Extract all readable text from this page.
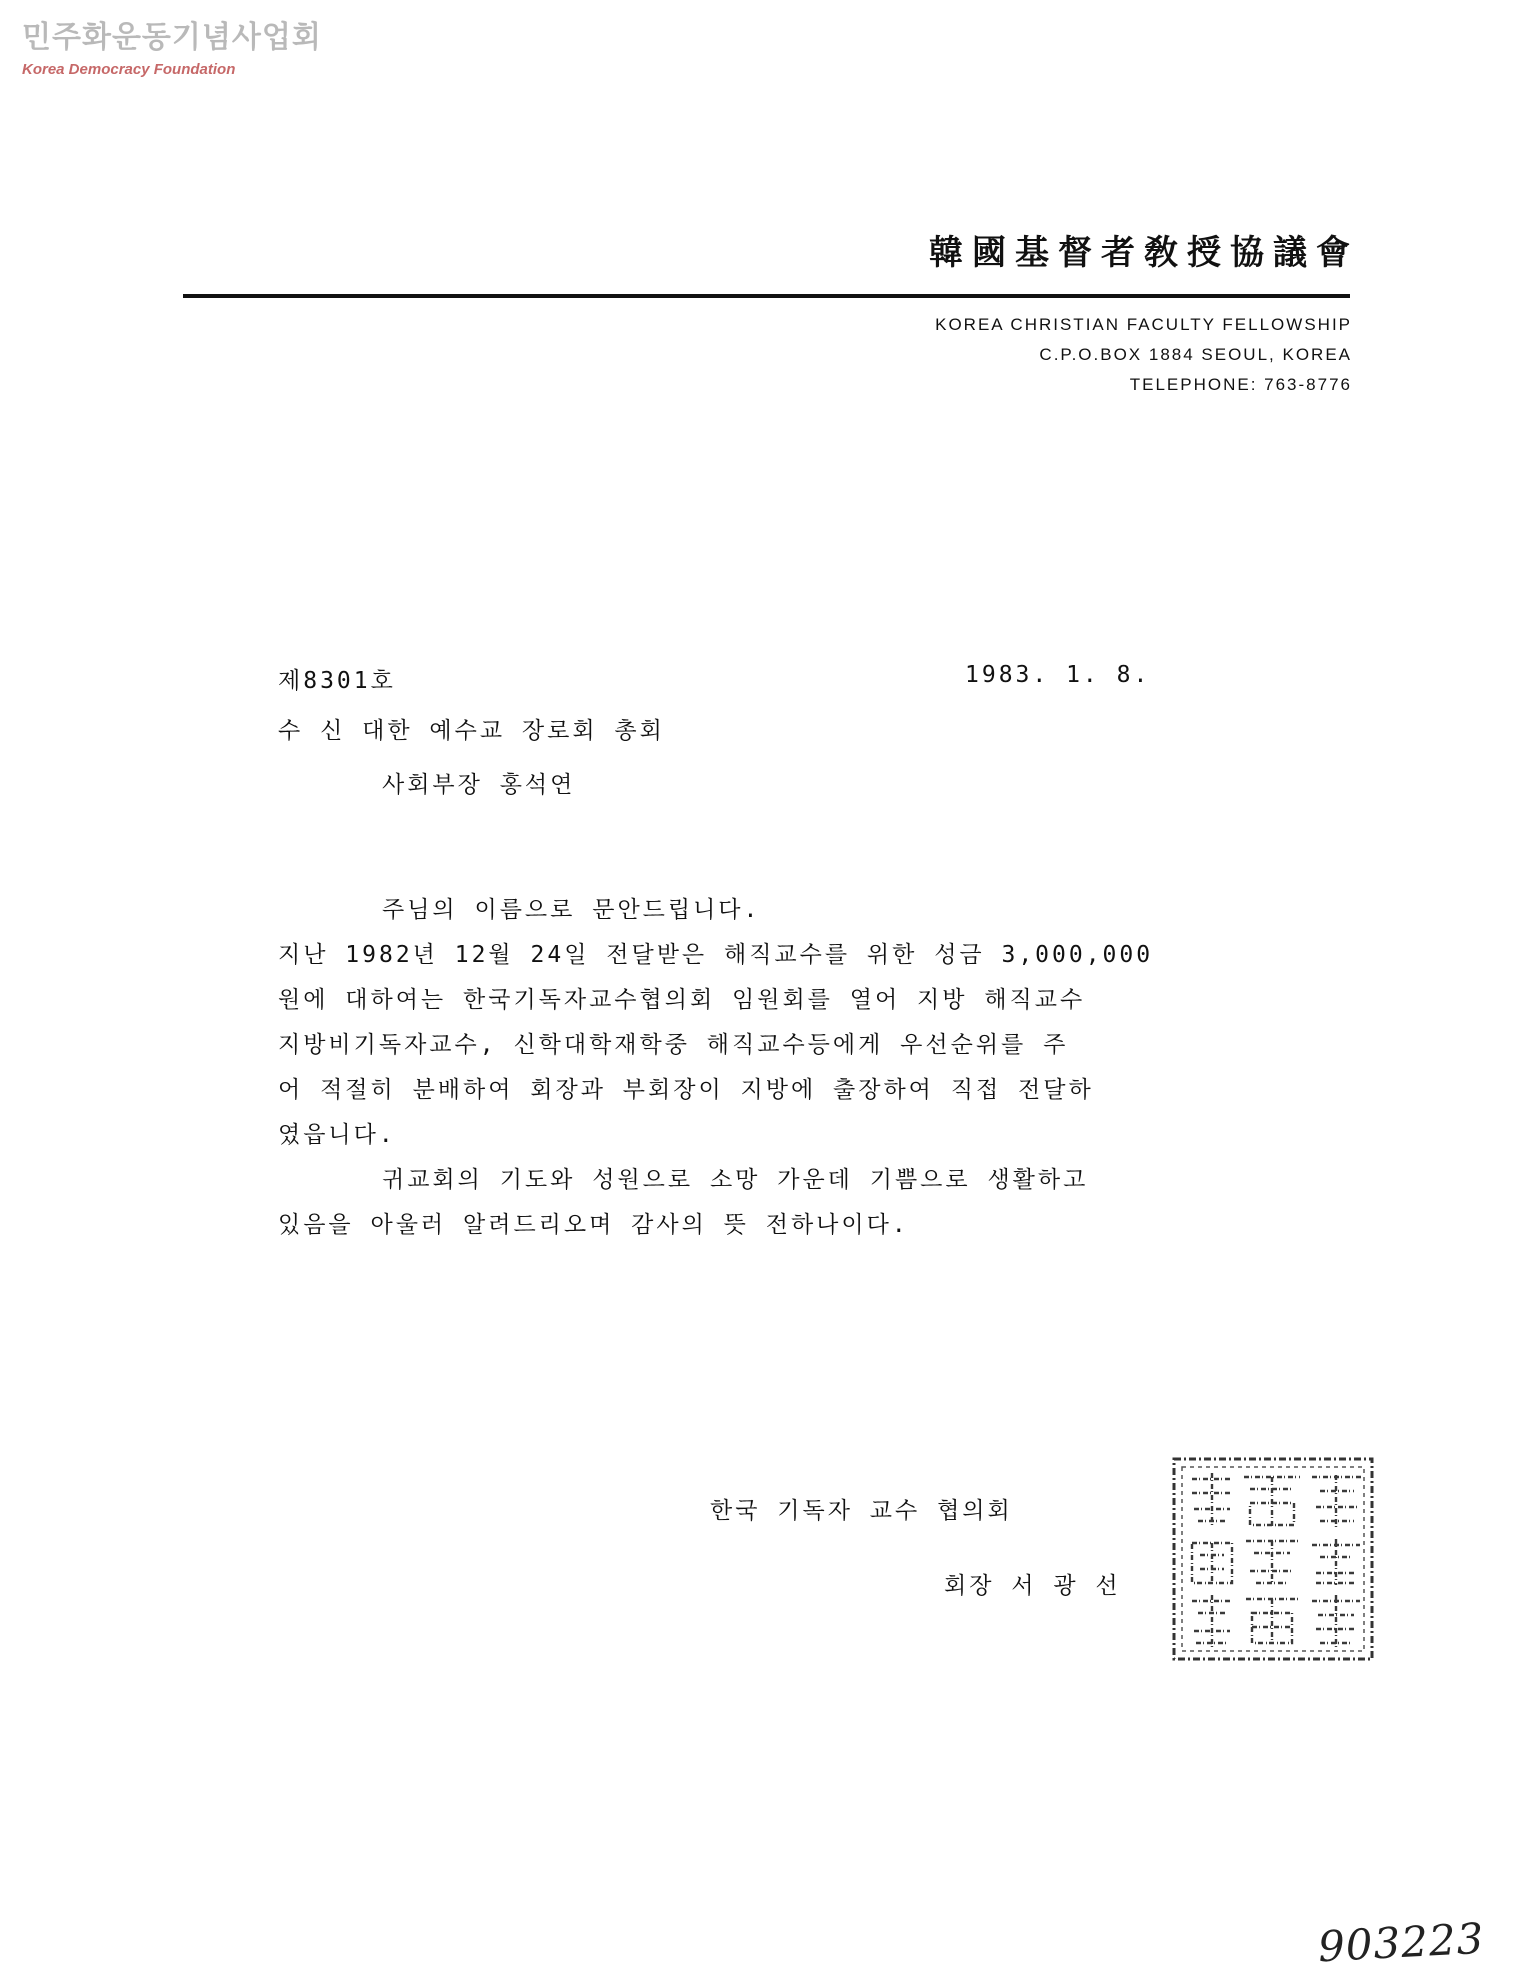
민주화운동기념사업회
Korea Democracy Foundation
韓國基督者敎授協議會
KOREA CHRISTIAN FACULTY FELLOWSHIP
C.P.O.BOX 1884 SEOUL, KOREA
TELEPHONE: 763-8776
제8301호	1983. 1. 8.
수 신 대한 예수교 장로회 총회
사회부장 홍석연
주님의 이름으로 문안드립니다.
지난 1982년 12월 24일 전달받은 해직교수를 위한 성금 3,000,000
원에 대하여는 한국기독자교수협의회 임원회를 열어 지방 해직교수
지방비기독자교수, 신학대학재학중 해직교수등에게 우선순위를 주
어 적절히 분배하여 회장과 부회장이 지방에 출장하여 직접 전달하
였읍니다.
귀교회의 기도와 성원으로 소망 가운데 기쁨으로 생활하고
있음을 아울러 알려드리오며 감사의 뜻 전하나이다.
한국 기독자 교수 협의회
회장 서 광 선
903223
